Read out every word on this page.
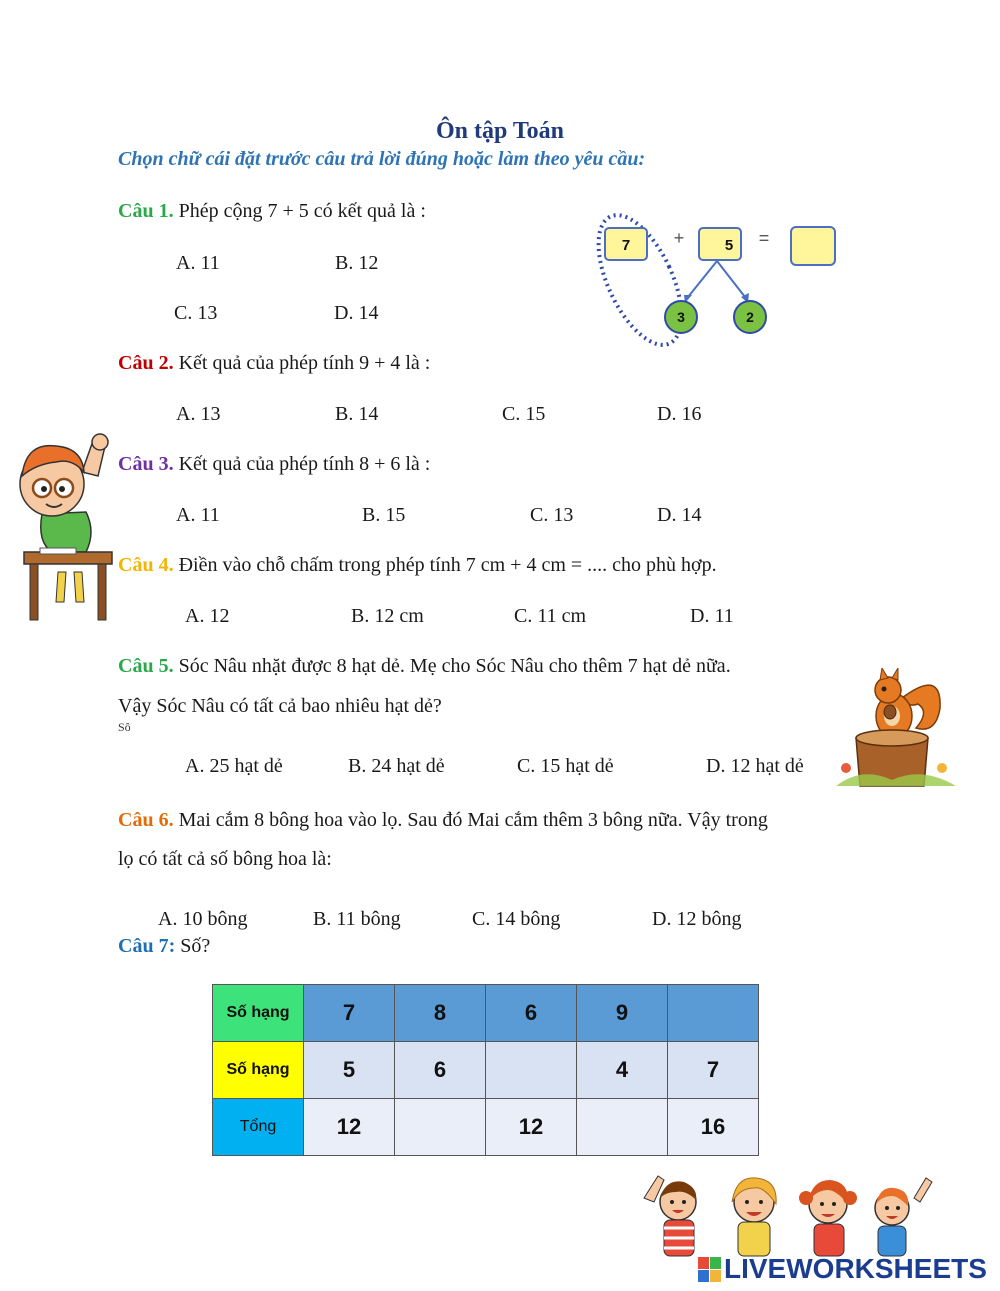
Ôn tập Toán
Chọn chữ cái đặt trước câu trả lời đúng hoặc làm theo yêu cầu:
Câu 1. Phép cộng 7 + 5 có kết quả là :
A. 11	B. 12
C. 13	D. 14
7 +	5 =
3	2
Câu 2. Kết quả của phép tính 9 + 4 là :
A. 13	B. 14	C. 15	D. 16
Câu 3. Kết quả của phép tính 8 + 6 là :
A. 11	B. 15	C. 13	D. 14
Câu 4. Điền vào chỗ chấm trong phép tính 7 cm + 4 cm = .... cho phù hợp.
A. 12	B. 12 cm	C. 11 cm	D. 11
Câu 5. Sóc Nâu nhặt được 8 hạt dẻ. Mẹ cho Sóc Nâu cho thêm 7 hạt dẻ nữa.
Vậy Sóc Nâu có tất cả bao nhiêu hạt dẻ?
Sô
A. 25 hạt dẻ	B. 24 hạt dẻ	C. 15 hạt dẻ	D. 12 hạt dẻ
Câu 6. Mai cắm 8 bông hoa vào lọ. Sau đó Mai cắm thêm 3 bông nữa. Vậy trong
lọ có tất cả số bông hoa là:
A. 10 bông	B. 11 bông	C. 14 bông	D. 12 bông
Câu 7: Số?
Số hạng	7	8	6	9	
Số hạng	5	6		4	7
Tổng	12		12		16
LIVEWORKSHEETS
